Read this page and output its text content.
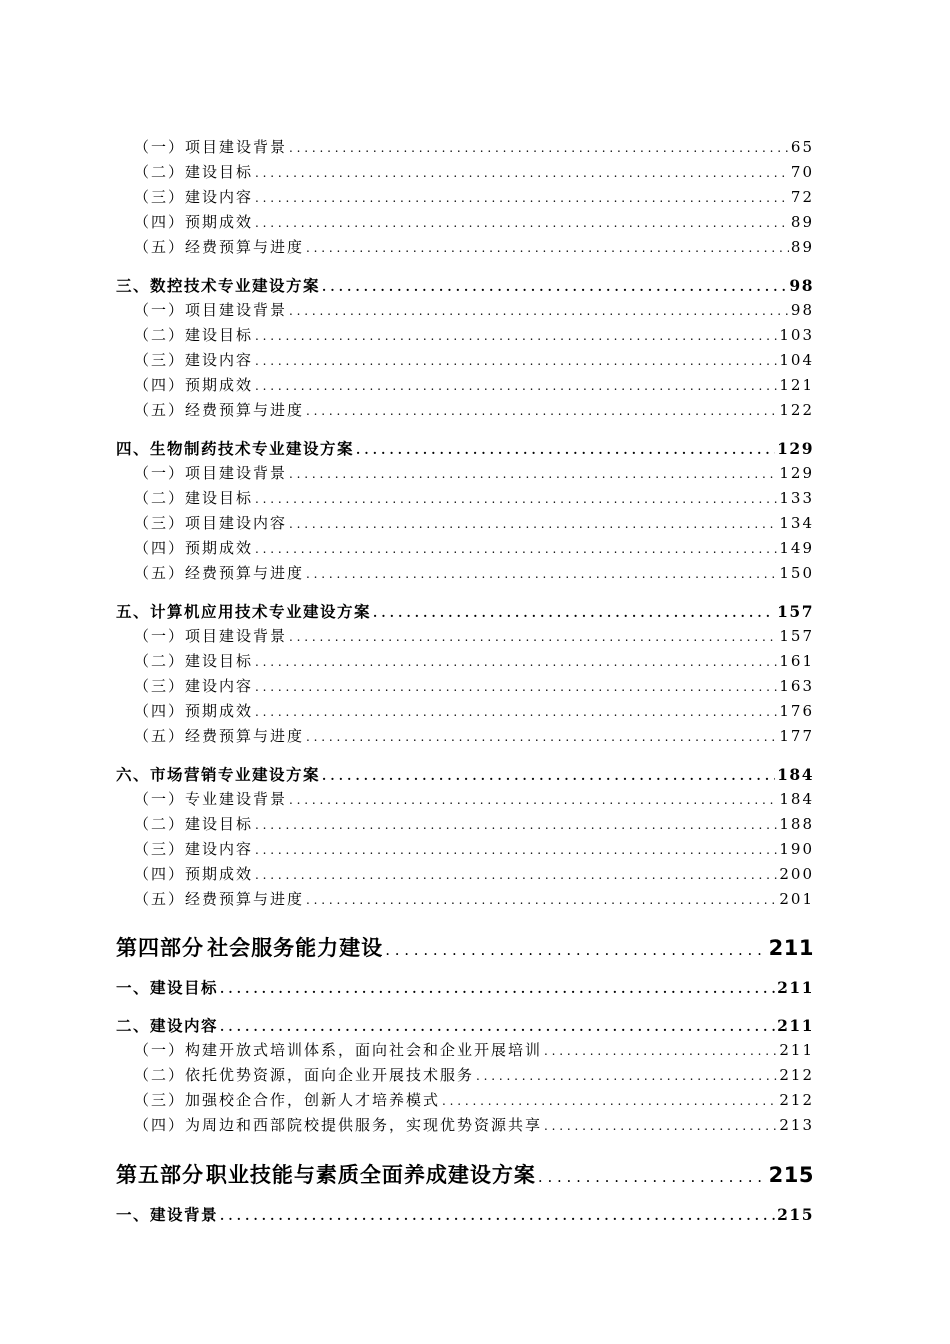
（一）项目建设背景 . . .	65
（二）建设目标 . . .	70
（三）建设内容 . . .	72
（四）预期成效 . . .	89
（五）经费预算与进度 . . .	89
三、数控技术专业建设方案 . . .	98
（一）项目建设背景 . . .	98
（二）建设目标 . . .	103
（三）建设内容 . . .	104
（四）预期成效 . . .	121
（五）经费预算与进度 . . .	122
四、生物制药技术专业建设方案 . . .	129
（一）项目建设背景 . . .	129
（二）建设目标 . . .	133
（三）项目建设内容 . . .	134
（四）预期成效 . . .	149
（五）经费预算与进度 . . .	150
五、计算机应用技术专业建设方案 . . .	157
（一）项目建设背景 . . .	157
（二）建设目标 . . .	161
（三）建设内容 . . .	163
（四）预期成效 . . .	176
（五）经费预算与进度 . . .	177
六、市场营销专业建设方案 . . .	184
（一）专业建设背景 . . .	184
（二）建设目标 . . .	188
（三）建设内容 . . .	190
（四）预期成效 . . .	200
（五）经费预算与进度 . . .	201
第四部分 社会服务能力建设 . . .	211
一、建设目标 . . .	211
二、建设内容 . . .	211
（一）构建开放式培训体系，面向社会和企业开展培训 . . .	211
（二）依托优势资源，面向企业开展技术服务 . . .	212
（三）加强校企合作，创新人才培养模式 . . .	212
（四）为周边和西部院校提供服务，实现优势资源共享 . . .	213
第五部分 职业技能与素质全面养成建设方案 . . .	215
一、建设背景 . . .	215
